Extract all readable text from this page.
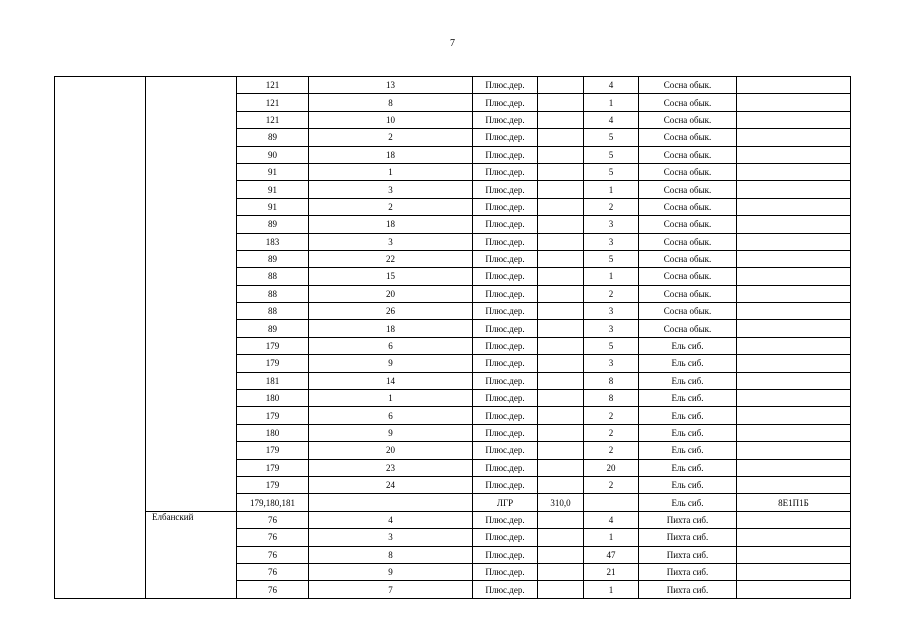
7
		121	13	Плюс.дер.		4	Сосна обык.	
		121	8	Плюс.дер.		1	Сосна обык.	
		121	10	Плюс.дер.		4	Сосна обык.	
		89	2	Плюс.дер.		5	Сосна обык.	
		90	18	Плюс.дер.		5	Сосна обык.	
		91	1	Плюс.дер.		5	Сосна обык.	
		91	3	Плюс.дер.		1	Сосна обык.	
		91	2	Плюс.дер.		2	Сосна обык.	
		89	18	Плюс.дер.		3	Сосна обык.	
		183	3	Плюс.дер.		3	Сосна обык.	
		89	22	Плюс.дер.		5	Сосна обык.	
		88	15	Плюс.дер.		1	Сосна обык.	
		88	20	Плюс.дер.		2	Сосна обык.	
		88	26	Плюс.дер.		3	Сосна обык.	
		89	18	Плюс.дер.		3	Сосна обык.	
		179	6	Плюс.дер.		5	Ель сиб.	
		179	9	Плюс.дер.		3	Ель сиб.	
		181	14	Плюс.дер.		8	Ель сиб.	
		180	1	Плюс.дер.		8	Ель сиб.	
		179	6	Плюс.дер.		2	Ель сиб.	
		180	9	Плюс.дер.		2	Ель сиб.	
		179	20	Плюс.дер.		2	Ель сиб.	
		179	23	Плюс.дер.		20	Ель сиб.	
		179	24	Плюс.дер.		2	Ель сиб.	
		179,180,181		ЛГР	310,0		Ель сиб.	8Е1П1Б
	Елбанский	76	4	Плюс.дер.		4	Пихта сиб.	
		76	3	Плюс.дер.		1	Пихта сиб.	
		76	8	Плюс.дер.		47	Пихта сиб.	
		76	9	Плюс.дер.		21	Пихта сиб.	
		76	7	Плюс.дер.		1	Пихта сиб.	
